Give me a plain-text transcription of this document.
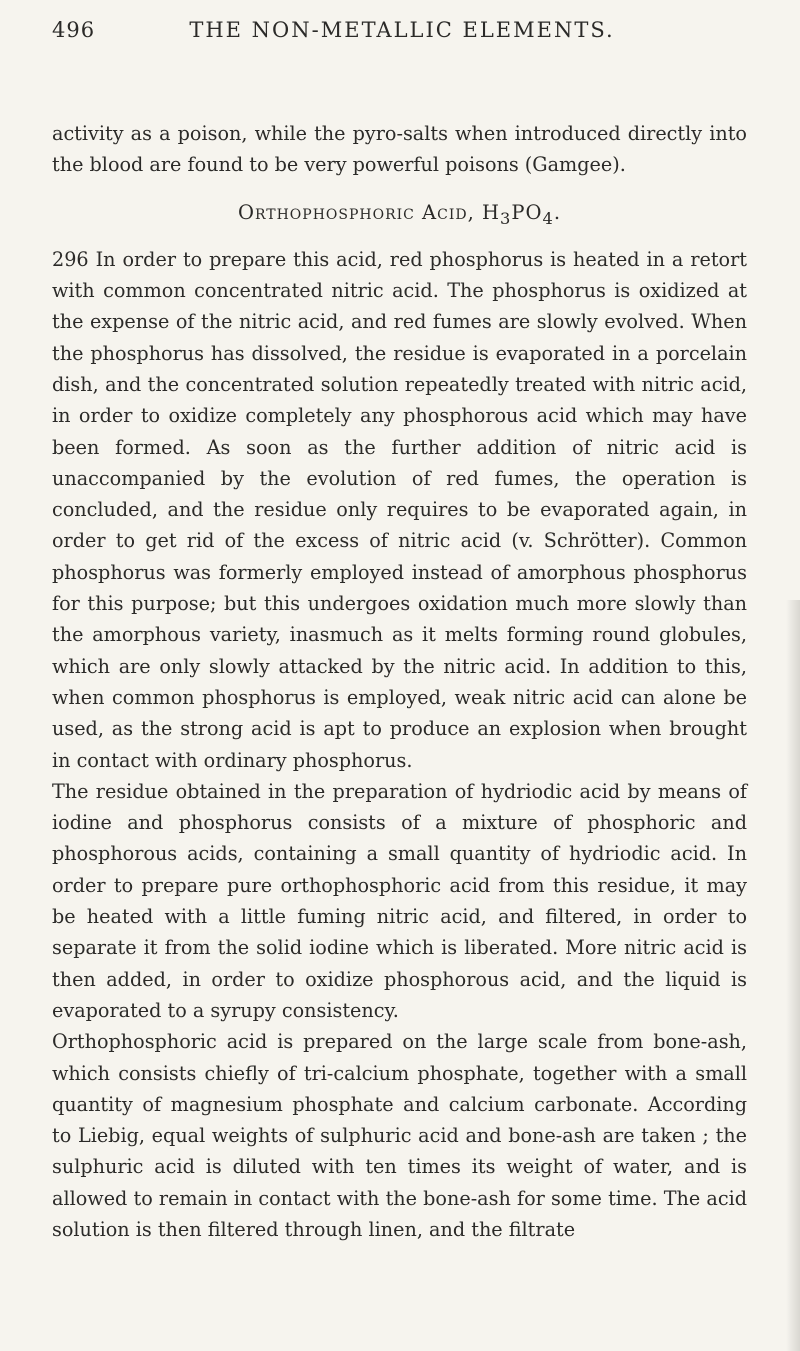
496	THE NON-METALLIC ELEMENTS.

activity as a poison, while the pyro-salts when introduced directly into the blood are found to be very powerful poisons (Gamgee).

Orthophosphoric Acid, $H_3PO_4$.

296 In order to prepare this acid, red phosphorus is heated in a retort with common concentrated nitric acid. The phosphorus is oxidized at the expense of the nitric acid, and red fumes are slowly evolved. When the phosphorus has dissolved, the residue is evaporated in a porcelain dish, and the concentrated solution repeatedly treated with nitric acid, in order to oxidize completely any phosphorous acid which may have been formed. As soon as the further addition of nitric acid is unaccompanied by the evolution of red fumes, the operation is concluded, and the residue only requires to be evaporated again, in order to get rid of the excess of nitric acid (v. Schrötter). Common phosphorus was formerly employed instead of amorphous phosphorus for this purpose; but this undergoes oxidation much more slowly than the amorphous variety, inasmuch as it melts forming round globules, which are only slowly attacked by the nitric acid. In addition to this, when common phosphorus is employed, weak nitric acid can alone be used, as the strong acid is apt to produce an explosion when brought in contact with ordinary phosphorus.

The residue obtained in the preparation of hydriodic acid by means of iodine and phosphorus consists of a mixture of phosphoric and phosphorous acids, containing a small quantity of hydriodic acid. In order to prepare pure orthophosphoric acid from this residue, it may be heated with a little fuming nitric acid, and filtered, in order to separate it from the solid iodine which is liberated. More nitric acid is then added, in order to oxidize phosphorous acid, and the liquid is evaporated to a syrupy consistency.

Orthophosphoric acid is prepared on the large scale from bone-ash, which consists chiefly of tri-calcium phosphate, together with a small quantity of magnesium phosphate and calcium carbonate. According to Liebig, equal weights of sulphuric acid and bone-ash are taken ; the sulphuric acid is diluted with ten times its weight of water, and is allowed to remain in contact with the bone-ash for some time. The acid solution is then filtered through linen, and the filtrate
